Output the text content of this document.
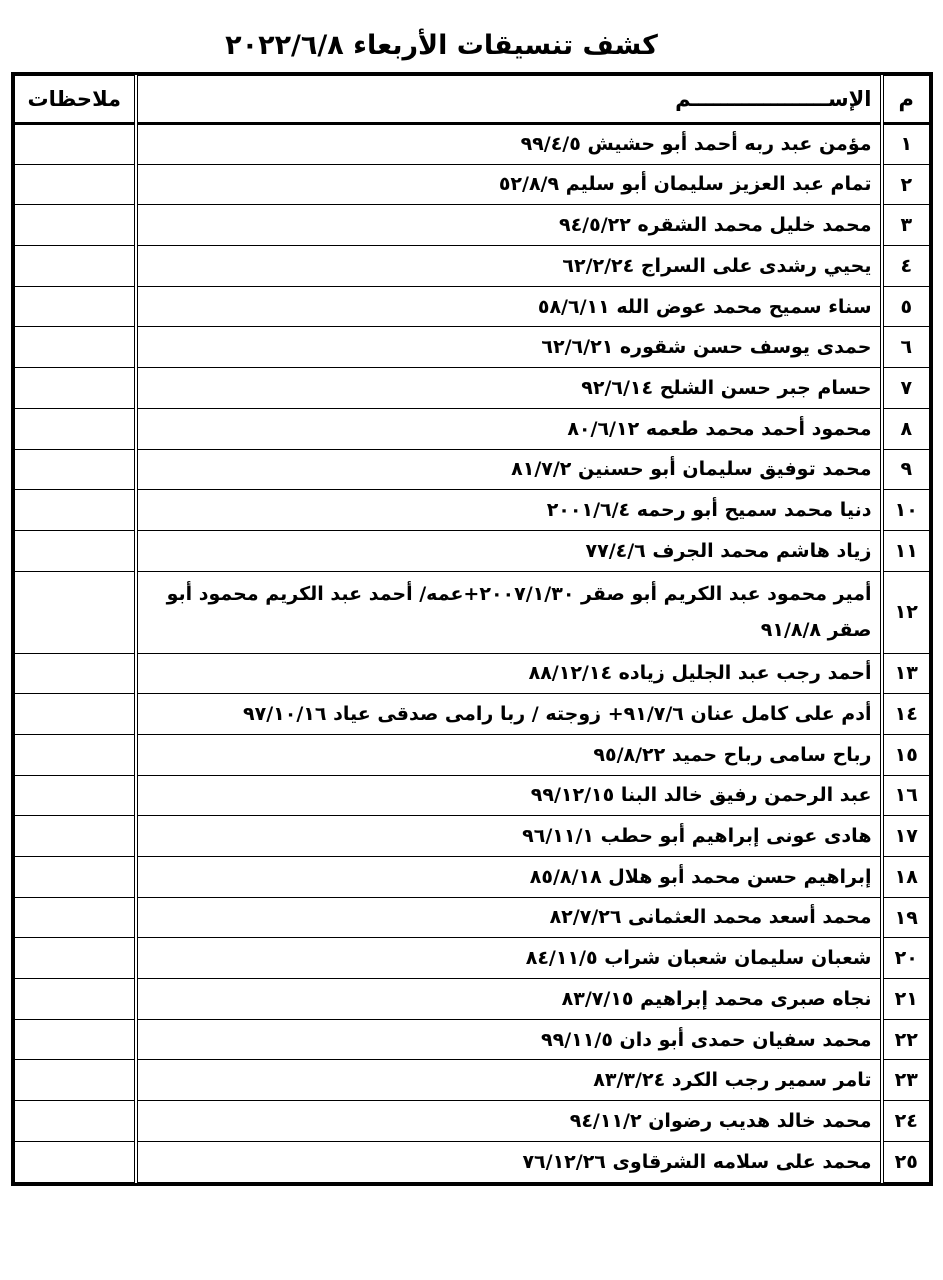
كشف تنسيقات الأربعاء ٢٠٢٢/٦/٨
م	الإســـــــــــــــــــم	ملاحظات
١	مؤمن عبد ربه أحمد أبو حشيش ٩٩/٤/٥	
٢	تمام عبد العزيز سليمان أبو سليم ٥٢/٨/٩	
٣	محمد خليل محمد الشقره ٩٤/٥/٢٢	
٤	يحيي رشدى على السراج ٦٢/٢/٢٤	
٥	سناء سميح محمد عوض الله ٥٨/٦/١١	
٦	حمدى يوسف حسن شقوره ٦٢/٦/٢١	
٧	حسام جبر حسن الشلح ٩٢/٦/١٤	
٨	محمود أحمد محمد طعمه ٨٠/٦/١٢	
٩	محمد توفيق سليمان أبو حسنين ٨١/٧/٢	
١٠	دنيا محمد سميح أبو رحمه ٢٠٠١/٦/٤	
١١	زياد هاشم محمد الجرف ٧٧/٤/٦	
١٢	أمير محمود عبد الكريم أبو صقر ٢٠٠٧/١/٣٠+عمه/ أحمد عبد الكريم محمود أبو صقر ٩١/٨/٨	
١٣	أحمد رجب عبد الجليل زياده ٨٨/١٢/١٤	
١٤	أدم على كامل عنان ٩١/٧/٦+ زوجته / ربا رامى صدقى عياد ٩٧/١٠/١٦	
١٥	رباح سامى رباح حميد ٩٥/٨/٢٢	
١٦	عبد الرحمن رفيق خالد البنا ٩٩/١٢/١٥	
١٧	هادى عونى إبراهيم أبو حطب ٩٦/١١/١	
١٨	إبراهيم حسن محمد أبو هلال ٨٥/٨/١٨	
١٩	محمد أسعد محمد العثمانى ٨٢/٧/٢٦	
٢٠	شعبان سليمان شعبان شراب ٨٤/١١/٥	
٢١	نجاه صبرى محمد إبراهيم ٨٣/٧/١٥	
٢٢	محمد سفيان حمدى أبو دان ٩٩/١١/٥	
٢٣	تامر سمير رجب الكرد ٨٣/٣/٢٤	
٢٤	محمد خالد هديب رضوان ٩٤/١١/٢	
٢٥	محمد على سلامه الشرقاوى ٧٦/١٢/٢٦	
